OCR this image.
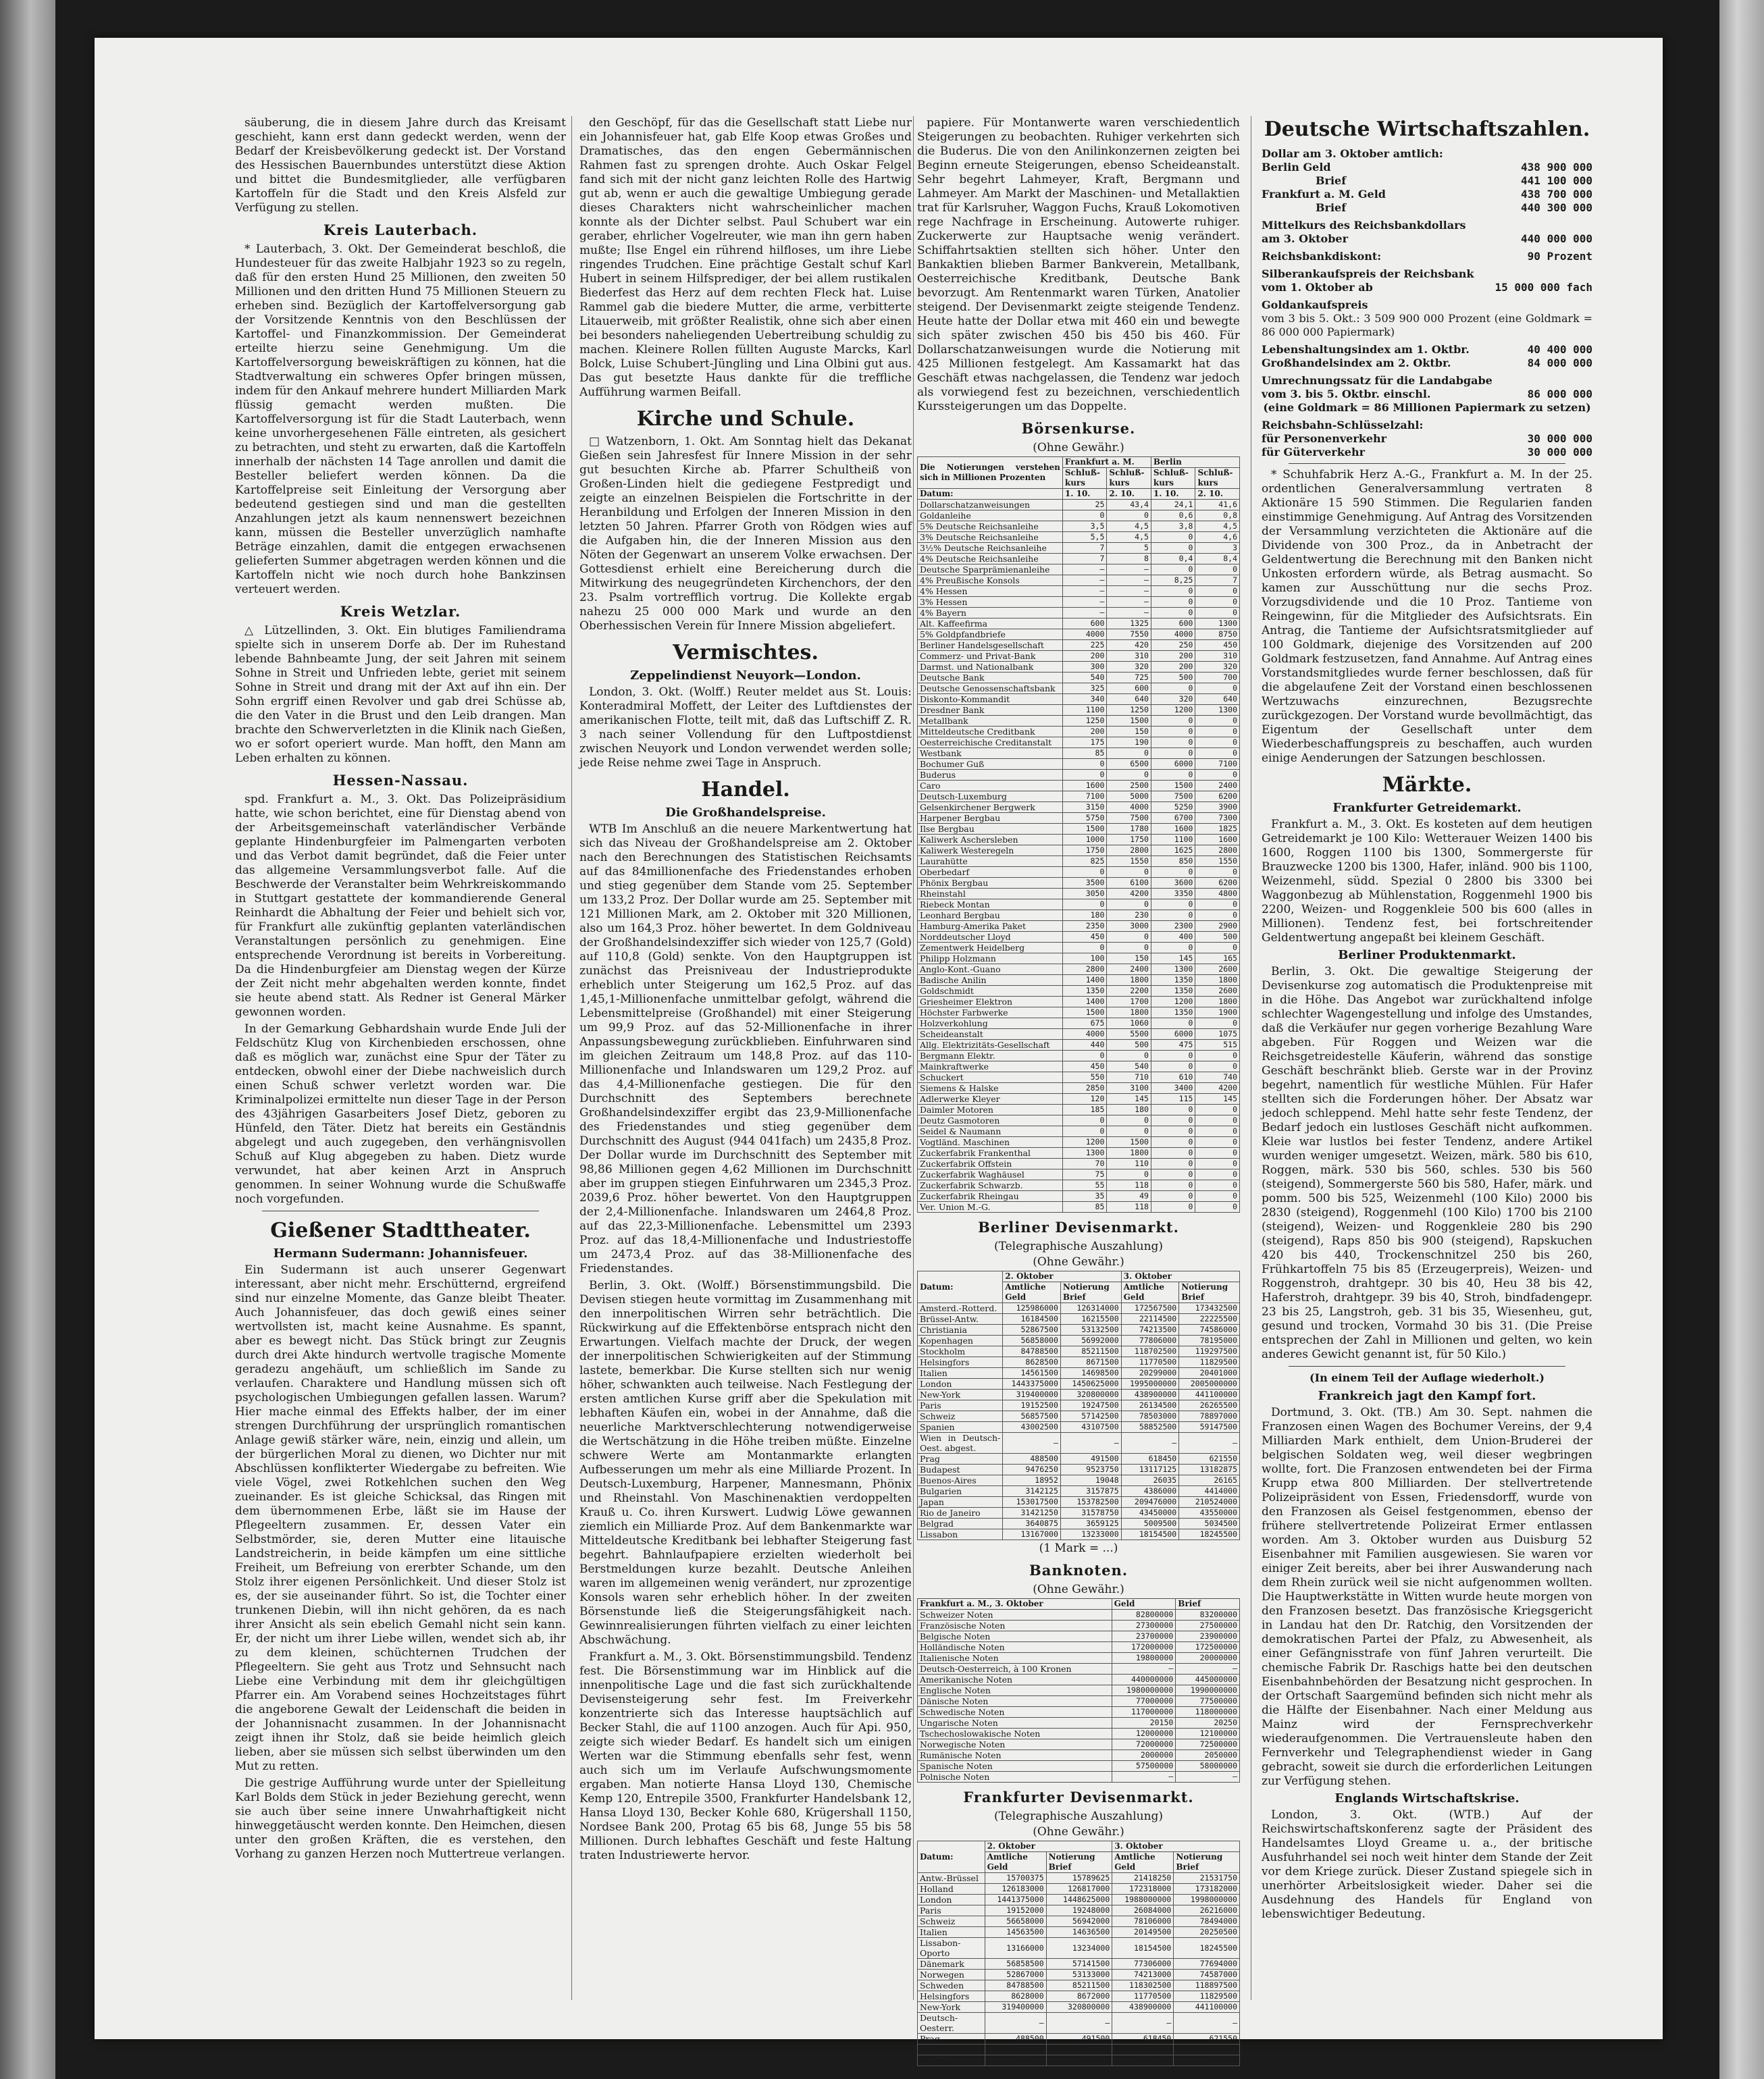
säuberung, die in diesem Jahre durch das Kreisamt geschieht, kann erst dann gedeckt werden, wenn der Bedarf der Kreisbevölkerung gedeckt ist. Der Vorstand des Hessischen Bauernbundes unterstützt diese Aktion und bittet die Bundesmitglieder, alle verfügbaren Kartoffeln für die Stadt und den Kreis Alsfeld zur Verfügung zu stellen.

Kreis Lauterbach.

* Lauterbach, 3. Okt. Der Gemeinderat beschloß, die Hundesteuer für das zweite Halbjahr 1923 so zu regeln, daß für den ersten Hund 25 Millionen, den zweiten 50 Millionen und den dritten Hund 75 Millionen Steuern zu erheben sind. Bezüglich der Kartoffelversorgung gab der Vorsitzende Kenntnis von den Beschlüssen der Kartoffel- und Finanzkommission. Der Gemeinderat erteilte hierzu seine Genehmigung. Um die Kartoffelversorgung beweiskräftigen zu können, hat die Stadtverwaltung ein schweres Opfer bringen müssen, indem für den Ankauf mehrere hundert Milliarden Mark flüssig gemacht werden mußten. Die Kartoffelversorgung ist für die Stadt Lauterbach, wenn keine unvorhergesehenen Fälle eintreten, als gesichert zu betrachten, und steht zu erwarten, daß die Kartoffeln innerhalb der nächsten 14 Tage anrollen und damit die Besteller beliefert werden können. Da die Kartoffelpreise seit Einleitung der Versorgung aber bedeutend gestiegen sind und man die gestellten Anzahlungen jetzt als kaum nennenswert bezeichnen kann, müssen die Besteller unverzüglich namhafte Beträge einzahlen, damit die entgegen erwachsenen gelieferten Summer abgetragen werden können und die Kartoffeln nicht wie noch durch hohe Bankzinsen verteuert werden.

Kreis Wetzlar.

△ Lützellinden, 3. Okt. Ein blutiges Familiendrama spielte sich in unserem Dorfe ab. Der im Ruhestand lebende Bahnbeamte Jung, der seit Jahren mit seinem Sohne in Streit und Unfrieden lebte, geriet mit seinem Sohne in Streit und drang mit der Axt auf ihn ein. Der Sohn ergriff einen Revolver und gab drei Schüsse ab, die den Vater in die Brust und den Leib drangen. Man brachte den Schwerverletzten in die Klinik nach Gießen, wo er sofort operiert wurde. Man hofft, den Mann am Leben erhalten zu können.

Hessen-Nassau.

spd. Frankfurt a. M., 3. Okt. Das Polizeipräsidium hatte, wie schon berichtet, eine für Dienstag abend von der Arbeitsgemeinschaft vaterländischer Verbände geplante Hindenburgfeier im Palmengarten verboten und das Verbot damit begründet, daß die Feier unter das allgemeine Versammlungsverbot falle. Auf die Beschwerde der Veranstalter beim Wehrkreiskommando in Stuttgart gestattete der kommandierende General Reinhardt die Abhaltung der Feier und behielt sich vor, für Frankfurt alle zukünftig geplanten vaterländischen Veranstaltungen persönlich zu genehmigen. Eine entsprechende Verordnung ist bereits in Vorbereitung. Da die Hindenburgfeier am Dienstag wegen der Kürze der Zeit nicht mehr abgehalten werden konnte, findet sie heute abend statt. Als Redner ist General Märker gewonnen worden.

In der Gemarkung Gebhardshain wurde Ende Juli der Feldschütz Klug von Kirchenbieden erschossen, ohne daß es möglich war, zunächst eine Spur der Täter zu entdecken, obwohl einer der Diebe nachweislich durch einen Schuß schwer verletzt worden war. Die Kriminalpolizei ermittelte nun dieser Tage in der Person des 43jährigen Gasarbeiters Josef Dietz, geboren zu Hünfeld, den Täter. Dietz hat bereits ein Geständnis abgelegt und auch zugegeben, den verhängnisvollen Schuß auf Klug abgegeben zu haben. Dietz wurde verwundet, hat aber keinen Arzt in Anspruch genommen. In seiner Wohnung wurde die Schußwaffe noch vorgefunden.

Gießener Stadttheater.
Hermann Sudermann: Johannisfeuer.

Ein Sudermann ist auch unserer Gegenwart interessant, aber nicht mehr. Erschütternd, ergreifend sind nur einzelne Momente, das Ganze bleibt Theater. Auch Johannisfeuer, das doch gewiß eines seiner wertvollsten ist, macht keine Ausnahme. Es spannt, aber es bewegt nicht. Das Stück bringt zur Zeugnis durch drei Akte hindurch wertvolle tragische Momente geradezu angehäuft, um schließlich im Sande zu verlaufen. Charaktere und Handlung müssen sich oft psychologischen Umbiegungen gefallen lassen. Warum? Hier mache einmal des Effekts halber, der im einer strengen Durchführung der ursprünglich romantischen Anlage gewiß stärker wäre, nein, einzig und allein, um der bürgerlichen Moral zu dienen, wo Dichter nur mit Abschlüssen konflikterter Wiedergabe zu befreiten. Wie viele Vögel, zwei Rotkehlchen suchen den Weg zueinander. Es ist gleiche Schicksal, das Ringen mit dem übernommenen Erbe, läßt sie im Hause der Pflegeeltern zusammen. Er, dessen Vater ein Selbstmörder, sie, deren Mutter eine litauische Landstreicherin, in beide kämpfen um eine sittliche Freiheit, um Befreiung von ererbter Schande, um den Stolz ihrer eigenen Persönlichkeit. Und dieser Stolz ist es, der sie auseinander führt. So ist, die Tochter einer trunkenen Diebin, will ihn nicht gehören, da es nach ihrer Ansicht als sein ebelich Gemahl nicht sein kann. Er, der nicht um ihrer Liebe willen, wendet sich ab, ihr zu dem kleinen, schüchternen Trudchen der Pflegeeltern. Sie geht aus Trotz und Sehnsucht nach Liebe eine Verbindung mit dem ihr gleichgültigen Pfarrer ein. Am Vorabend seines Hochzeitstages führt die angeborene Gewalt der Leidenschaft die beiden in der Johannisnacht zusammen. In der Johannisnacht zeigt ihnen ihr Stolz, daß sie beide heimlich gleich lieben, aber sie müssen sich selbst überwinden um den Mut zu retten.

Die gestrige Aufführung wurde unter der Spielleitung Karl Bolds dem Stück in jeder Beziehung gerecht, wenn sie auch über seine innere Unwahrhaftigkeit nicht hinweggetäuscht werden konnte. Den Heimchen, diesen unter den großen Kräften, die es verstehen, den Vorhang zu ganzen Herzen noch Muttertreue verlangen.

den Geschöpf, für das die Gesellschaft statt Liebe nur ein Johannisfeuer hat, gab Elfe Koop etwas Großes und Dramatisches, das den engen Gebermännischen Rahmen fast zu sprengen drohte. Auch Oskar Felgel fand sich mit der nicht ganz leichten Rolle des Hartwig gut ab, wenn er auch die gewaltige Umbiegung gerade dieses Charakters nicht wahrscheinlicher machen konnte als der Dichter selbst. Paul Schubert war ein geraber, ehrlicher Vogelreuter, wie man ihn gern haben mußte; Ilse Engel ein rührend hilfloses, um ihre Liebe ringendes Trudchen. Eine prächtige Gestalt schuf Karl Hubert in seinem Hilfsprediger, der bei allem rustikalen Biederfest das Herz auf dem rechten Fleck hat. Luise Rammel gab die biedere Mutter, die arme, verbitterte Litauerweib, mit größter Realistik, ohne sich aber einen bei besonders naheliegenden Uebertreibung schuldig zu machen. Kleinere Rollen füllten Auguste Marcks, Karl Bolck, Luise Schubert-Jüngling und Lina Olbini gut aus. Das gut besetzte Haus dankte für die treffliche Aufführung warmen Beifall.

Kirche und Schule.

□ Watzenborn, 1. Okt. Am Sonntag hielt das Dekanat Gießen sein Jahresfest für Innere Mission in der sehr gut besuchten Kirche ab. Pfarrer Schultheiß von Großen-Linden hielt die gediegene Festpredigt und zeigte an einzelnen Beispielen die Fortschritte in der Heranbildung und Erfolgen der Inneren Mission in den letzten 50 Jahren. Pfarrer Groth von Rödgen wies auf die Aufgaben hin, die der Inneren Mission aus den Nöten der Gegenwart an unserem Volke erwachsen. Der Gottesdienst erhielt eine Bereicherung durch die Mitwirkung des neugegründeten Kirchenchors, der den 23. Psalm vortrefflich vortrug. Die Kollekte ergab nahezu 25 000 000 Mark und wurde an den Oberhessischen Verein für Innere Mission abgeliefert.

Vermischtes.
Zeppelindienst Neuyork—London.

London, 3. Okt. (Wolff.) Reuter meldet aus St. Louis: Konteradmiral Moffett, der Leiter des Luftdienstes der amerikanischen Flotte, teilt mit, daß das Luftschiff Z. R. 3 nach seiner Vollendung für den Luftpostdienst zwischen Neuyork und London verwendet werden solle; jede Reise nehme zwei Tage in Anspruch.

Handel.
Die Großhandelspreise.

WTB Im Anschluß an die neuere Markentwertung hat sich das Niveau der Großhandelspreise am 2. Oktober nach den Berechnungen des Statistischen Reichsamts auf das 84millionenfache des Friedenstandes erhoben und stieg gegenüber dem Stande vom 25. September um 133,2 Proz. Der Dollar wurde am 25. September mit 121 Millionen Mark, am 2. Oktober mit 320 Millionen, also um 164,3 Proz. höher bewertet. In dem Goldniveau der Großhandelsindexziffer sich wieder von 125,7 (Gold) auf 110,8 (Gold) senkte. Von den Hauptgruppen ist zunächst das Preisniveau der Industrieprodukte erheblich unter Steigerung um 162,5 Proz. auf das 1,45,1-Millionenfache unmittelbar gefolgt, während die Lebensmittelpreise (Großhandel) mit einer Steigerung um 99,9 Proz. auf das 52-Millionenfache in ihrer Anpassungsbewegung zurückblieben. Einfuhrwaren sind im gleichen Zeitraum um 148,8 Proz. auf das 110-Millionenfache und Inlandswaren um 129,2 Proz. auf das 4,4-Millionenfache gestiegen. Die für den Durchschnitt des Septembers berechnete Großhandelsindexziffer ergibt das 23,9-Millionenfache des Friedenstandes und stieg gegenüber dem Durchschnitt des August (944 041fach) um 2435,8 Proz. Der Dollar wurde im Durchschnitt des September mit 98,86 Millionen gegen 4,62 Millionen im Durchschnitt aber im gruppen stiegen Einfuhrwaren um 2345,3 Proz. 2039,6 Proz. höher bewertet. Von den Hauptgruppen der 2,4-Millionenfache. Inlandswaren um 2464,8 Proz. auf das 22,3-Millionenfache. Lebensmittel um 2393 Proz. auf das 18,4-Millionenfache und Industriestoffe um 2473,4 Proz. auf das 38-Millionenfache des Friedenstandes.

Berlin, 3. Okt. (Wolff.) Börsenstimmungsbild. Die Devisen stiegen heute vormittag im Zusammenhang mit den innerpolitischen Wirren sehr beträchtlich. Die Rückwirkung auf die Effektenbörse entsprach nicht den Erwartungen. Vielfach machte der Druck, der wegen der innerpolitischen Schwierigkeiten auf der Stimmung lastete, bemerkbar. Die Kurse stellten sich nur wenig höher, schwankten auch teilweise. Nach Festlegung der ersten amtlichen Kurse griff aber die Spekulation mit lebhaften Käufen ein, wobei in der Annahme, daß die neuerliche Marktverschlechterung notwendigerweise die Wertschätzung in die Höhe treiben müßte. Einzelne schwere Werte am Montanmarkte erlangten Aufbesserungen um mehr als eine Milliarde Prozent. In Deutsch-Luxemburg, Harpener, Mannesmann, Phönix und Rheinstahl. Von Maschinenaktien verdoppelten Krauß u. Co. ihren Kurswert. Ludwig Löwe gewannen ziemlich ein Milliarde Proz. Auf dem Bankenmarkte war Mitteldeutsche Kreditbank bei lebhafter Steigerung fast begehrt. Bahnlaufpapiere erzielten wiederholt bei Berstmeldungen kurze bezahlt. Deutsche Anleihen waren im allgemeinen wenig verändert, nur zprozentige Konsols waren sehr erheblich höher. In der zweiten Börsenstunde ließ die Steigerungsfähigkeit nach. Gewinnrealisierungen führten vielfach zu einer leichten Abschwächung.

Frankfurt a. M., 3. Okt. Börsenstimmungsbild. Tendenz fest. Die Börsenstimmung war im Hinblick auf die innenpolitische Lage und die fast sich zurückhaltende Devisensteigerung sehr fest. Im Freiverkehr konzentrierte sich das Interesse hauptsächlich auf Becker Stahl, die auf 1100 anzogen. Auch für Api. 950, zeigte sich wieder Bedarf. Es handelt sich um einigen Werten war die Stimmung ebenfalls sehr fest, wenn auch sich um im Verlaufe Aufschwungsmomente ergaben. Man notierte Hansa Lloyd 130, Chemische Kemp 120, Entrepile 3500, Frankfurter Handelsbank 12, Hansa Lloyd 130, Becker Kohle 680, Krügershall 1150, Nordsee Bank 200, Protag 65 bis 68, Junge 55 bis 58 Millionen. Durch lebhaftes Geschäft und feste Haltung traten Industriewerte hervor.

papiere. Für Montanwerte waren verschiedentlich Steigerungen zu beobachten. Ruhiger verkehrten sich die Buderus. Die von den Anilinkonzernen zeigten bei Beginn erneute Steigerungen, ebenso Scheideanstalt. Sehr begehrt Lahmeyer, Kraft, Bergmann und Lahmeyer. Am Markt der Maschinen- und Metallaktien trat für Karlsruher, Waggon Fuchs, Krauß Lokomotiven rege Nachfrage in Erscheinung. Autowerte ruhiger. Zuckerwerte zur Hauptsache wenig verändert. Schiffahrtsaktien stellten sich höher. Unter den Bankaktien blieben Barmer Bankverein, Metallbank, Oesterreichische Kreditbank, Deutsche Bank bevorzugt. Am Rentenmarkt waren Türken, Anatolier steigend. Der Devisenmarkt zeigte steigende Tendenz. Heute hatte der Dollar etwa mit 460 ein und bewegte sich später zwischen 450 bis 450 bis 460. Für Dollarschatzanweisungen wurde die Notierung mit 425 Millionen festgelegt. Am Kassamarkt hat das Geschäft etwas nachgelassen, die Tendenz war jedoch als vorwiegend fest zu bezeichnen, verschiedentlich Kurssteigerungen um das Doppelte.

Börsenkurse.
(Ohne Gewähr.)
Die Notierungen verstehen sich in Millionen Prozenten	Frankfurt a. M.		Berlin	
	Schluß-kurs	Schluß-kurs	Schluß-kurs	Schluß-kurs
Datum:	1. 10.	2. 10.	1. 10.	2. 10.
Dollarschatzanweisungen	25	43,4	24,1	41,6
Goldanleihe	0	0	0,6	0,8
5% Deutsche Reichsanleihe	3,5	4,5	3,8	4,5
3% Deutsche Reichsanleihe	5,5	4,5	0	4,6
3½% Deutsche Reichsanleihe	7	5	0	3
4% Deutsche Reichsanleihe	7	8	0,4	8,4
Deutsche Sparprämienanleihe	—	—	0	0
4% Preußische Konsols	—	—	8,25	7
4% Hessen	—	—	0	0
3% Hessen	—	—	0	0
4% Bayern	—	—	0	0
Alt. Kaffeefirma	600	1325	600	1300
5% Goldpfandbriefe	4000	7550	4000	8750
Berliner Handelsgesellschaft	225	420	250	450
Commerz- und Privat-Bank	200	310	200	310
Darmst. und Nationalbank	300	320	200	320
Deutsche Bank	540	725	500	700
Deutsche Genossenschaftsbank	325	600	0	0
Diskonto-Kommandit	340	640	320	640
Dresdner Bank	1100	1250	1200	1300
Metallbank	1250	1500	0	0
Mitteldeutsche Creditbank	200	150	0	0
Oesterreichische Creditanstalt	175	190	0	0
Westbank	85	0	0	0
Bochumer Guß	0	6500	6000	7100
Buderus	0	0	0	0
Caro	1600	2500	1500	2400
Deutsch-Luxemburg	7100	5000	7500	6200
Gelsenkirchener Bergwerk	3150	4000	5250	3900
Harpener Bergbau	5750	7500	6700	7300
Ilse Bergbau	1500	1780	1600	1825
Kaliwerk Aschersleben	1000	1750	1100	1600
Kaliwerk Westeregeln	1750	2800	1625	2800
Laurahütte	825	1550	850	1550
Oberbedarf	0	0	0	0
Phönix Bergbau	3500	6100	3600	6200
Rheinstahl	3050	4200	3350	4800
Riebeck Montan	0	0	0	0
Leonhard Bergbau	180	230	0	0
Hamburg-Amerika Paket	2350	3000	2300	2900
Norddeutscher Lloyd	450	0	400	500
Zementwerk Heidelberg	0	0	0	0
Philipp Holzmann	100	150	145	165
Anglo-Kont.-Guano	2800	2400	1300	2600
Badische Anilin	1400	1800	1350	1800
Goldschmidt	1350	2200	1350	2600
Griesheimer Elektron	1400	1700	1200	1800
Höchster Farbwerke	1500	1800	1350	1900
Holzverkohlung	675	1060	0	0
Scheideanstalt	4000	5500	6000	1075
Allg. Elektrizitäts-Gesellschaft	440	500	475	515
Bergmann Elektr.	0	0	0	0
Mainkraftwerke	450	540	0	0
Schuckert	550	710	610	740
Siemens & Halske	2850	3100	3400	4200
Adlerwerke Kleyer	120	145	115	145
Daimler Motoren	185	180	0	0
Deutz Gasmotoren	0	0	0	0
Seidel & Naumann	0	0	0	0
Vogtländ. Maschinen	1200	1500	0	0
Zuckerfabrik Frankenthal	1300	1800	0	0
Zuckerfabrik Offstein	70	110	0	0
Zuckerfabrik Waghäusel	75	0	0	0
Zuckerfabrik Schwarzb.	55	118	0	0
Zuckerfabrik Rheingau	35	49	0	0
Ver. Union M.-G.	85	118	0	0
Berliner Devisenmarkt.
(Telegraphische Auszahlung)
(Ohne Gewähr.)
Datum:	2. Oktober		3. Oktober	
	Amtliche Geld	Notierung Brief	Amtliche Geld	Notierung Brief
Amsterd.-Rotterd.	125986000	126314000	172567500	173432500
Brüssel-Antw.	16184500	16215500	22114500	22225500
Christiania	52867500	53132500	74213500	74586000
Kopenhagen	56858000	56992000	77806000	78195000
Stockholm	84788500	85211500	118702500	119297500
Helsingfors	8628500	8671500	11770500	11829500
Italien	14561500	14698500	20299000	20401000
London	1443375000	1450625000	1995000000	2005000000
New-York	319400000	320800000	438900000	441100000
Paris	19152500	19247500	26134500	26265500
Schweiz	56857500	57142500	78503000	78897000
Spanien	43002500	43107500	58852500	59147500
Wien in Deutsch-Oest. abgest.	—	—	—	—
Prag	488500	491500	618450	621550
Budapest	9476250	9523750	13117125	13182875
Buenos-Aires	18952	19048	26035	26165
Bulgarien	3142125	3157875	4386000	4414000
Japan	153017500	153782500	209476000	210524000
Rio de Janeiro	31421250	31578750	43450000	43550000
Belgrad	3640875	3659125	5009500	5034500
Lissabon	13167000	13233000	18154500	18245500
(1 Mark = ...)
Banknoten.
(Ohne Gewähr.)
Frankfurt a. M., 3. Oktober	Geld	Brief
Schweizer Noten	82800000	83200000
Französische Noten	27300000	27500000
Belgische Noten	23700000	23900000
Holländische Noten	172000000	172500000
Italienische Noten	19800000	20000000
Deutsch-Oesterreich, à 100 Kronen	—	—
Amerikanische Noten	440000000	445000000
Englische Noten	1980000000	1990000000
Dänische Noten	77000000	77500000
Schwedische Noten	117000000	118000000
Ungarische Noten	20150	20250
Tschechoslowakische Noten	12000000	12100000
Norwegische Noten	72000000	72500000
Rumänische Noten	2000000	2050000
Spanische Noten	57500000	58000000
Polnische Noten	—	—
Frankfurter Devisenmarkt.
(Telegraphische Auszahlung)
(Ohne Gewähr.)
Datum:	2. Oktober		3. Oktober	
	Amtliche Geld	Notierung Brief	Amtliche Geld	Notierung Brief
Antw.-Brüssel	15700375	15789625	21418250	21531750
Holland	126183000	126817000	172318000	173182000
London	1441375000	1448625000	1988000000	1998000000
Paris	19152000	19248000	26084000	26216000
Schweiz	56658000	56942000	78106000	78494000
Italien	14563500	14636500	20149500	20250500
Lissabon-Oporto	13166000	13234000	18154500	18245500
Dänemark	56858500	57141500	77306000	77694000
Norwegen	52867000	53133000	74213000	74587000
Schweden	84788500	85211500	118302500	118897500
Helsingfors	8628000	8672000	11770500	11829500
New-York	319400000	320800000	438900000	441100000
Deutsch-Oesterr.	—	—	—	—
Prag	488500	491500	618450	621550
Budapest	9476250	9523750	13117125	13182875
Belgrad	3640875	3659125	5009500	5034500
Deutsche Wirtschaftszahlen.
Dollar am 3. Oktober amtlich:
Berlin Geld	438 900 000
Brief	441 100 000
Frankfurt a. M. Geld	438 700 000
Brief	440 300 000
Mittelkurs des Reichsbankdollars
am 3. Oktober	440 000 000
Reichsbankdiskont:	90 Prozent
Silberankaufspreis der Reichsbank
vom 1. Oktober ab	15 000 000 fach
Goldankaufspreis
vom 3 bis 5. Okt.: 3 509 900 000 Prozent (eine Goldmark = 86 000 000 Papiermark)
Lebenshaltungsindex am 1. Oktbr.	40 400 000
Großhandelsindex am 2. Oktbr.	84 000 000
Umrechnungssatz für die Landabgabe
vom 3. bis 5. Oktbr. einschl.	86 000 000
(eine Goldmark = 86 Millionen Papiermark zu setzen)
Reichsbahn-Schlüsselzahl:
für Personenverkehr	30 000 000
für Güterverkehr	30 000 000

* Schuhfabrik Herz A.-G., Frankfurt a. M. In der 25. ordentlichen Generalversammlung vertraten 8 Aktionäre 15 590 Stimmen. Die Regularien fanden einstimmige Genehmigung. Auf Antrag des Vorsitzenden der Versammlung verzichteten die Aktionäre auf die Dividende von 300 Proz., da in Anbetracht der Geldentwertung die Berechnung mit den Banken nicht Unkosten erfordern würde, als Betrag ausmacht. So kamen zur Ausschüttung nur die sechs Proz. Vorzugsdividende und die 10 Proz. Tantieme von Reingewinn, für die Mitglieder des Aufsichtsrats. Ein Antrag, die Tantieme der Aufsichtsratsmitglieder auf 100 Goldmark, diejenige des Vorsitzenden auf 200 Goldmark festzusetzen, fand Annahme. Auf Antrag eines Vorstandsmitgliedes wurde ferner beschlossen, daß für die abgelaufene Zeit der Vorstand einen beschlossenen Wertzuwachs einzurechnen, Bezugsrechte zurückgezogen. Der Vorstand wurde bevollmächtigt, das Eigentum der Gesellschaft unter dem Wiederbeschaffungspreis zu beschaffen, auch wurden einige Aenderungen der Satzungen beschlossen.

Märkte.
Frankfurter Getreidemarkt.

Frankfurt a. M., 3. Okt. Es kosteten auf dem heutigen Getreidemarkt je 100 Kilo: Wetterauer Weizen 1400 bis 1600, Roggen 1100 bis 1300, Sommergerste für Brauzwecke 1200 bis 1300, Hafer, inländ. 900 bis 1100, Weizenmehl, südd. Spezial 0 2800 bis 3300 bei Waggonbezug ab Mühlenstation, Roggenmehl 1900 bis 2200, Weizen- und Roggenkleie 500 bis 600 (alles in Millionen). Tendenz fest, bei fortschreitender Geldentwertung angepaßt bei kleinem Geschäft.

Berliner Produktenmarkt.

Berlin, 3. Okt. Die gewaltige Steigerung der Devisenkurse zog automatisch die Produktenpreise mit in die Höhe. Das Angebot war zurückhaltend infolge schlechter Wagengestellung und infolge des Umstandes, daß die Verkäufer nur gegen vorherige Bezahlung Ware abgeben. Für Roggen und Weizen war die Reichsgetreidestelle Käuferin, während das sonstige Geschäft beschränkt blieb. Gerste war in der Provinz begehrt, namentlich für westliche Mühlen. Für Hafer stellten sich die Forderungen höher. Der Absatz war jedoch schleppend. Mehl hatte sehr feste Tendenz, der Bedarf jedoch ein lustloses Geschäft nicht aufkommen. Kleie war lustlos bei fester Tendenz, andere Artikel wurden weniger umgesetzt. Weizen, märk. 580 bis 610, Roggen, märk. 530 bis 560, schles. 530 bis 560 (steigend), Sommergerste 560 bis 580, Hafer, märk. und pomm. 500 bis 525, Weizenmehl (100 Kilo) 2000 bis 2830 (steigend), Roggenmehl (100 Kilo) 1700 bis 2100 (steigend), Weizen- und Roggenkleie 280 bis 290 (steigend), Raps 850 bis 900 (steigend), Rapskuchen 420 bis 440, Trockenschnitzel 250 bis 260, Frühkartoffeln 75 bis 85 (Erzeugerpreis), Weizen- und Roggenstroh, drahtgepr. 30 bis 40, Heu 38 bis 42, Haferstroh, drahtgepr. 39 bis 40, Stroh, bindfadengepr. 23 bis 25, Langstroh, geb. 31 bis 35, Wiesenheu, gut, gesund und trocken, Vormahd 30 bis 31. (Die Preise entsprechen der Zahl in Millionen und gelten, wo kein anderes Gewicht genannt ist, für 50 Kilo.)

(In einem Teil der Auflage wiederholt.)
Frankreich jagt den Kampf fort.

Dortmund, 3. Okt. (TB.) Am 30. Sept. nahmen die Franzosen einen Wagen des Bochumer Vereins, der 9,4 Milliarden Mark enthielt, dem Union-Bruderei der belgischen Soldaten weg, weil dieser wegbringen wollte, fort. Die Franzosen entwendeten bei der Firma Krupp etwa 800 Milliarden. Der stellvertretende Polizeipräsident von Essen, Friedensdorff, wurde von den Franzosen als Geisel festgenommen, ebenso der frühere stellvertretende Polizeirat Ermer entlassen worden. Am 3. Oktober wurden aus Duisburg 52 Eisenbahner mit Familien ausgewiesen. Sie waren vor einiger Zeit bereits, aber bei ihrer Auswanderung nach dem Rhein zurück weil sie nicht aufgenommen wollten. Die Hauptwerkstätte in Witten wurde heute morgen von den Franzosen besetzt. Das französische Kriegsgericht in Landau hat den Dr. Ratchig, den Vorsitzenden der demokratischen Partei der Pfalz, zu Abwesenheit, als einer Gefängnisstrafe von fünf Jahren verurteilt. Die chemische Fabrik Dr. Raschigs hatte bei den deutschen Eisenbahnbehörden der Besatzung nicht gesprochen. In der Ortschaft Saargemünd befinden sich nicht mehr als die Hälfte der Eisenbahner. Nach einer Meldung aus Mainz wird der Fernsprechverkehr wiederaufgenommen. Die Vertrauensleute haben den Fernverkehr und Telegraphendienst wieder in Gang gebracht, soweit sie durch die erforderlichen Leitungen zur Verfügung stehen.

Englands Wirtschaftskrise.

London, 3. Okt. (WTB.) Auf der Reichswirtschaftskonferenz sagte der Präsident des Handelsamtes Lloyd Greame u. a., der britische Ausfuhrhandel sei noch weit hinter dem Stande der Zeit vor dem Kriege zurück. Dieser Zustand spiegele sich in unerhörter Arbeitslosigkeit wieder. Daher sei die Ausdehnung des Handels für England von lebenswichtiger Bedeutung.
